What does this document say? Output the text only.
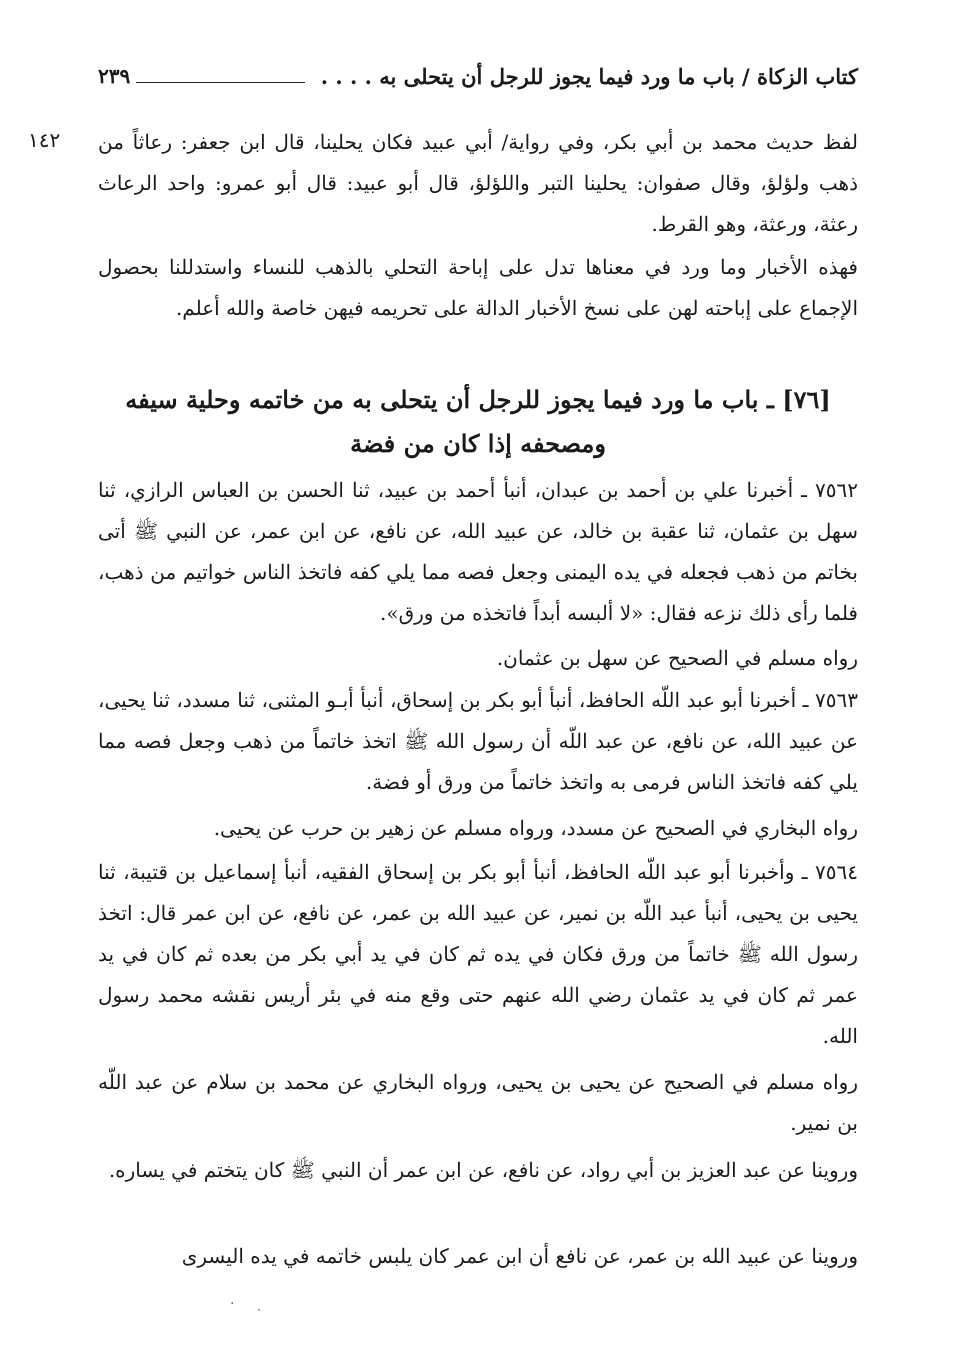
كتاب الزكاة / باب ما ورد فيما يجوز للرجل أن يتحلى به . . . .
٢٣٩
١٤٢ لفظ حديث محمد بن أبي بكر، وفي رواية/ أبي عبيد فكان يحلينا، قال ابن جعفر: رعاثاً من ذهب ولؤلؤ، وقال صفوان: يحلينا التبر واللؤلؤ، قال أبو عبيد: قال أبو عمرو: واحد الرعاث رعثة، ورعثة، وهو القرط.

فهذه الأخبار وما ورد في معناها تدل على إباحة التحلي بالذهب للنساء واستدللنا بحصول الإجماع على إباحته لهن على نسخ الأخبار الدالة على تحريمه فيهن خاصة والله أعلم.

[٧٦] ـ باب ما ورد فيما يجوز للرجل أن يتحلى به من خاتمه وحلية سيفه ومصحفه إذا كان من فضة

٧٥٦٢ ـ أخبرنا علي بن أحمد بن عبدان، أنبأ أحمد بن عبيد، ثنا الحسن بن العباس الرازي، ثنا سهل بن عثمان، ثنا عقبة بن خالد، عن عبيد الله، عن نافع، عن ابن عمر، عن النبي ﷺ أتى بخاتم من ذهب فجعله في يده اليمنى وجعل فصه مما يلي كفه فاتخذ الناس خواتيم من ذهب، فلما رأى ذلك نزعه فقال: «لا ألبسه أبداً فاتخذه من ورق».

رواه مسلم في الصحيح عن سهل بن عثمان.

٧٥٦٣ ـ أخبرنا أبو عبد اللّه الحافظ، أنبأ أبو بكر بن إسحاق، أنبأ أبـو المثنى، ثنا مسدد، ثنا يحيى، عن عبيد الله، عن نافع، عن عبد اللّه أن رسول الله ﷺ اتخذ خاتماً من ذهب وجعل فصه مما يلي كفه فاتخذ الناس فرمى به واتخذ خاتماً من ورق أو فضة.

رواه البخاري في الصحيح عن مسدد، ورواه مسلم عن زهير بن حرب عن يحيى.

٧٥٦٤ ـ وأخبرنا أبو عبد اللّه الحافظ، أنبأ أبو بكر بن إسحاق الفقيه، أنبأ إسماعيل بن قتيبة، ثنا يحيى بن يحيى، أنبأ عبد اللّه بن نمير، عن عبيد الله بن عمر، عن نافع، عن ابن عمر قال: اتخذ رسول الله ﷺ خاتماً من ورق فكان في يده ثم كان في يد أبي بكر من بعده ثم كان في يد عمر ثم كان في يد عثمان رضي الله عنهم حتى وقع منه في بئر أريس نقشه محمد رسول الله.

رواه مسلم في الصحيح عن يحيى بن يحيى، ورواه البخاري عن محمد بن سلام عن عبد اللّه بن نمير.

وروينا عن عبد العزيز بن أبي رواد، عن نافع، عن ابن عمر أن النبي ﷺ كان يتختم في يساره.

وروينا عن عبيد الله بن عمر، عن نافع أن ابن عمر كان يلبس خاتمه في يده اليسرى

·     ˎ
